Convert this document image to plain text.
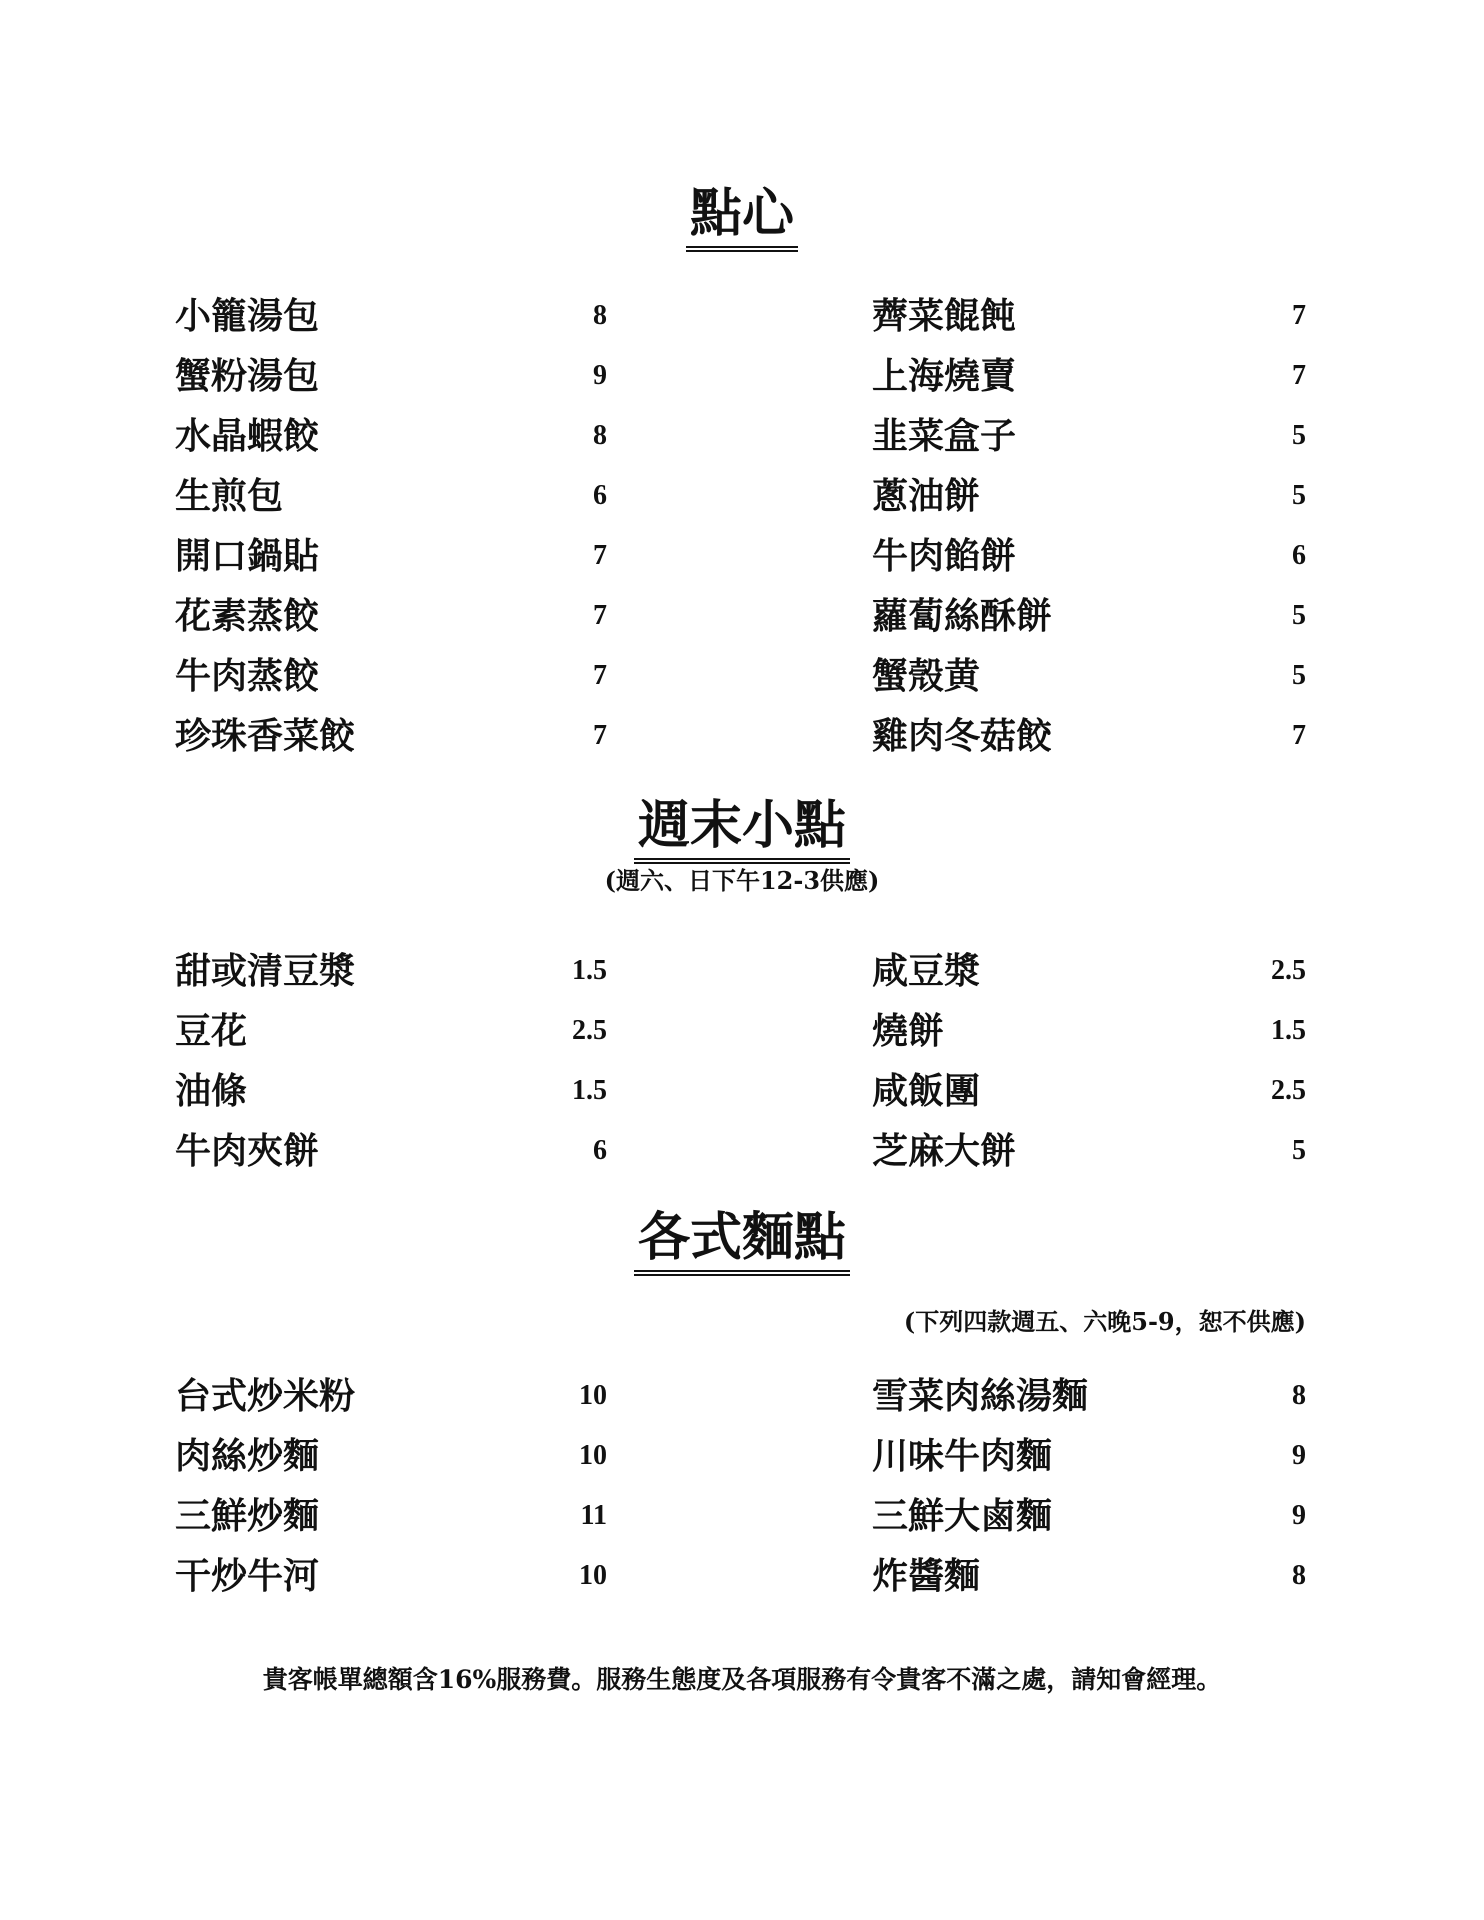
點心
小籠湯包	8
蟹粉湯包	9
水晶蝦餃	8
生煎包	6
開口鍋貼	7
花素蒸餃	7
牛肉蒸餃	7
珍珠香菜餃	7
薺菜餛飩	7
上海燒賣	7
韭菜盒子	5
蔥油餅	5
牛肉餡餅	6
蘿蔔絲酥餅	5
蟹殼黄	5
雞肉冬菇餃	7
週末小點
(週六、日下午12-3供應)
甜或清豆漿	1.5
豆花	2.5
油條	1.5
牛肉夾餅	6
咸豆漿	2.5
燒餅	1.5
咸飯團	2.5
芝麻大餅	5
各式麵點
(下列四款週五、六晚5-9，恕不供應)
台式炒米粉	10
肉絲炒麵	10
三鮮炒麵	11
干炒牛河	10
雪菜肉絲湯麵	8
川味牛肉麵	9
三鮮大鹵麵	9
炸醬麵	8
貴客帳單總額含16%服務費。服務生態度及各項服務有令貴客不滿之處，請知會經理。
